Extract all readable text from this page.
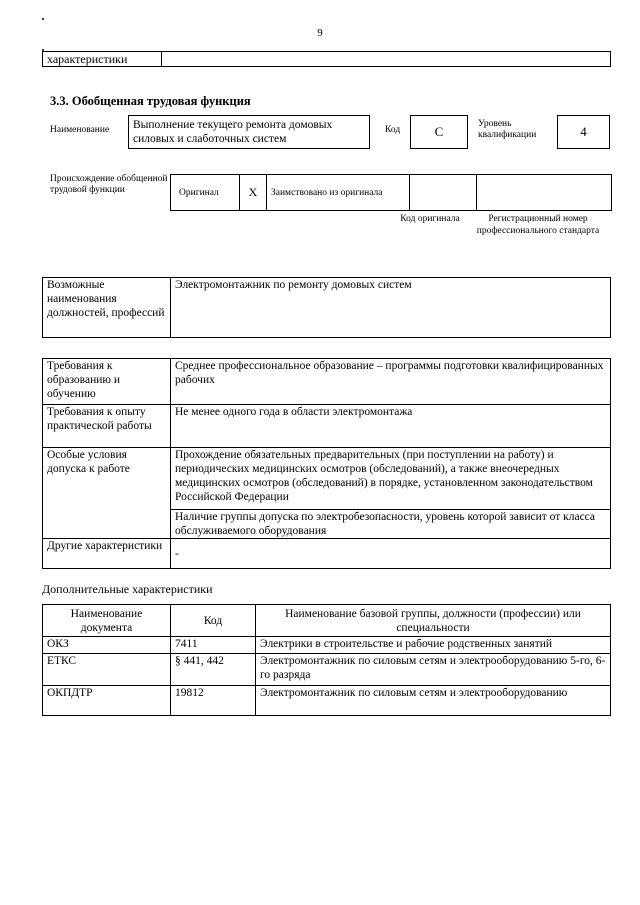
9
характеристики	
3.3. Обобщенная трудовая функция
Наименование	Выполнение текущего ремонта домовых силовых и слаботочных систем
Код	С	Уровень квалификации	4
Происхождение обобщенной трудовой функции	Оригинал	X	Заимствовано из оригинала		
Код оригинала	Регистрационный номер профессионального стандарта
Возможные наименования должностей, профессий	Электромонтажник по ремонту домовых систем
Требования к образованию и обучению	Среднее профессиональное образование – программы подготовки квалифицированных рабочих
Требования к опыту практической работы	Не менее одного года в области электромонтажа
Особые условия допуска к работе	Прохождение обязательных предварительных (при поступлении на работу) и периодических медицинских осмотров (обследований), а также внеочередных медицинских осмотров (обследований) в порядке, установленном законодательством Российской Федерации
	Наличие группы допуска по электробезопасности, уровень которой зависит от класса обслуживаемого оборудования
Другие характеристики	-
Дополнительные характеристики
Наименование документа	Код	Наименование базовой группы, должности (профессии) или специальности
ОКЗ	7411	Электрики в строительстве и рабочие родственных занятий
ЕТКС	§ 441, 442	Электромонтажник по силовым сетям и электрооборудованию 5-го, 6-го разряда
ОКПДТР	19812	Электромонтажник по силовым сетям и электрооборудованию
